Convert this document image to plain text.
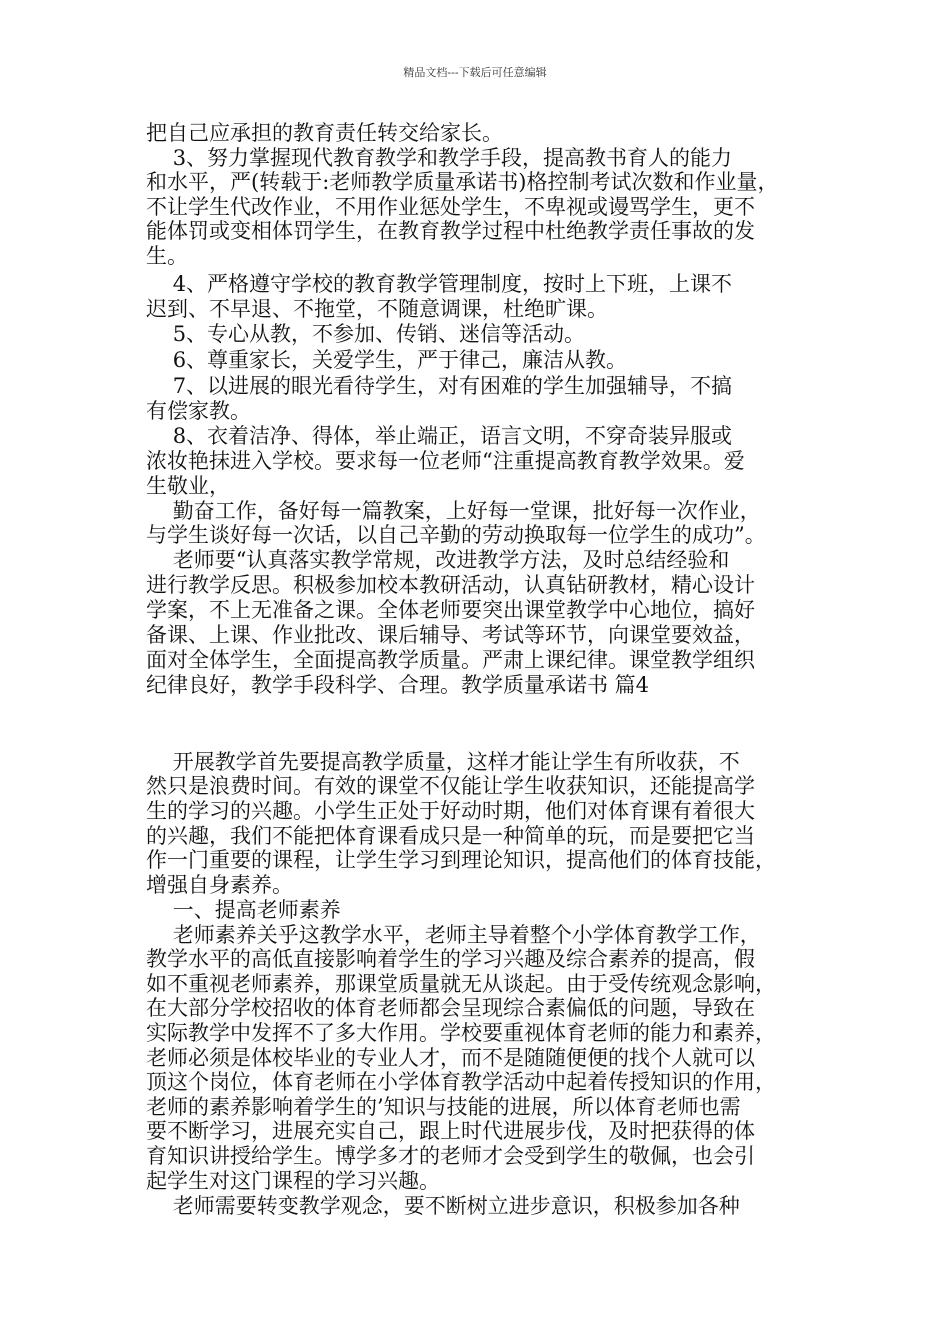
精品文档---下载后可任意编辑
把自己应承担的教育责任转交给家长。
3、努力掌握现代教育教学和教学手段，提高教书育人的能力
和水平，严(转载于:老师教学质量承诺书)格控制考试次数和作业量，
不让学生代改作业，不用作业惩处学生，不卑视或谩骂学生，更不
能体罚或变相体罚学生，在教育教学过程中杜绝教学责任事故的发
生。
4、严格遵守学校的教育教学管理制度，按时上下班，上课不
迟到、不早退、不拖堂，不随意调课，杜绝旷课。
5、专心从教，不参加、传销、迷信等活动。
6、尊重家长，关爱学生，严于律己，廉洁从教。
7、以进展的眼光看待学生，对有困难的学生加强辅导，不搞
有偿家教。
8、衣着洁净、得体，举止端正，语言文明，不穿奇装异服或
浓妆艳抹进入学校。要求每一位老师“注重提高教育教学效果。爱
生敬业，
勤奋工作，备好每一篇教案，上好每一堂课，批好每一次作业，
与学生谈好每一次话，以自己辛勤的劳动换取每一位学生的成功”。
老师要“认真落实教学常规，改进教学方法，及时总结经验和
进行教学反思。积极参加校本教研活动，认真钻研教材，精心设计
学案，不上无准备之课。全体老师要突出课堂教学中心地位，搞好
备课、上课、作业批改、课后辅导、考试等环节，向课堂要效益，
面对全体学生，全面提高教学质量。严肃上课纪律。课堂教学组织
纪律良好，教学手段科学、合理。教学质量承诺书 篇4
开展教学首先要提高教学质量，这样才能让学生有所收获，不
然只是浪费时间。有效的课堂不仅能让学生收获知识，还能提高学
生的学习的兴趣。小学生正处于好动时期，他们对体育课有着很大
的兴趣，我们不能把体育课看成只是一种简单的玩，而是要把它当
作一门重要的课程，让学生学习到理论知识，提高他们的体育技能，
增强自身素养。
一、提高老师素养
老师素养关乎这教学水平，老师主导着整个小学体育教学工作，
教学水平的高低直接影响着学生的学习兴趣及综合素养的提高，假
如不重视老师素养，那课堂质量就无从谈起。由于受传统观念影响，
在大部分学校招收的体育老师都会呈现综合素偏低的问题，导致在
实际教学中发挥不了多大作用。学校要重视体育老师的能力和素养，
老师必须是体校毕业的专业人才，而不是随随便便的找个人就可以
顶这个岗位，体育老师在小学体育教学活动中起着传授知识的作用，
老师的素养影响着学生的’知识与技能的进展，所以体育老师也需
要不断学习，进展充实自己，跟上时代进展步伐，及时把获得的体
育知识讲授给学生。博学多才的老师才会受到学生的敬佩，也会引
起学生对这门课程的学习兴趣。
老师需要转变教学观念，要不断树立进步意识，积极参加各种
